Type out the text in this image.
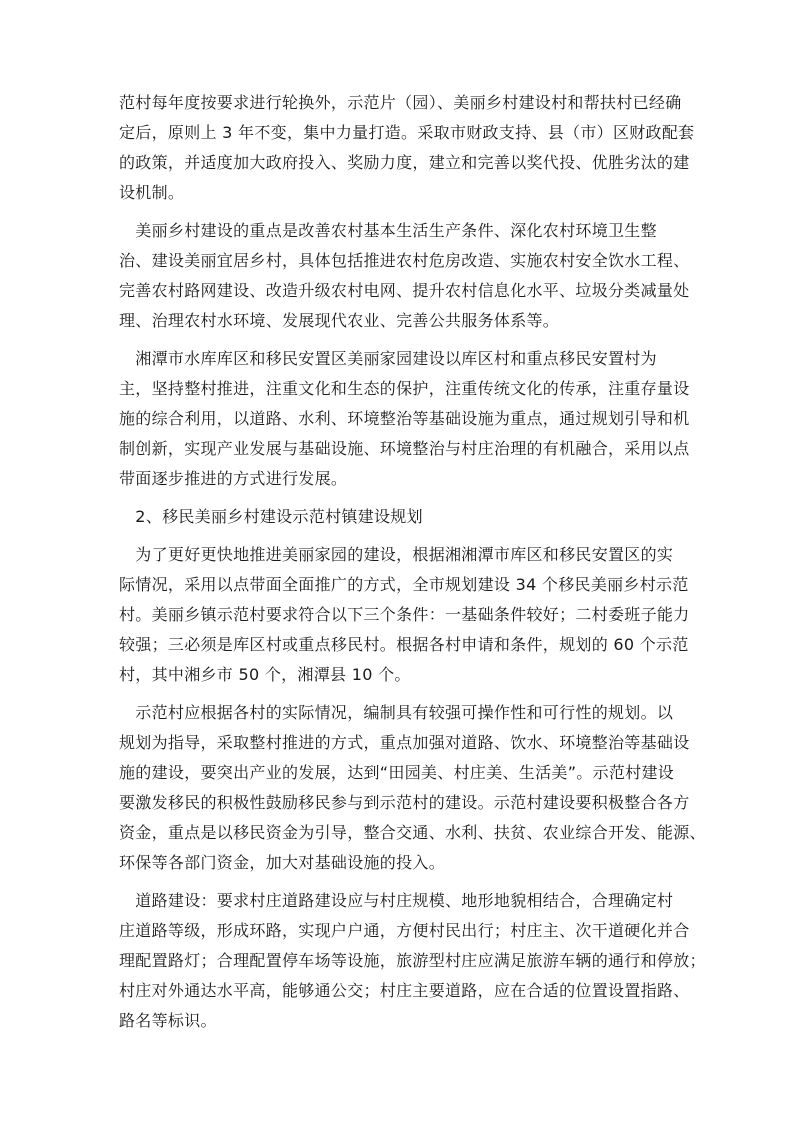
范村每年度按要求进行轮换外，示范片（园）、美丽乡村建设村和帮扶村已经确
定后，原则上 3 年不变，集中力量打造。采取市财政支持、县（市）区财政配套
的政策，并适度加大政府投入、奖励力度，建立和完善以奖代投、优胜劣汰的建
设机制。

　美丽乡村建设的重点是改善农村基本生活生产条件、深化农村环境卫生整
治、建设美丽宜居乡村，具体包括推进农村危房改造、实施农村安全饮水工程、
完善农村路网建设、改造升级农村电网、提升农村信息化水平、垃圾分类减量处
理、治理农村水环境、发展现代农业、完善公共服务体系等。

　湘潭市水库库区和移民安置区美丽家园建设以库区村和重点移民安置村为
主，坚持整村推进，注重文化和生态的保护，注重传统文化的传承，注重存量设
施的综合利用，以道路、水利、环境整治等基础设施为重点，通过规划引导和机
制创新，实现产业发展与基础设施、环境整治与村庄治理的有机融合，采用以点
带面逐步推进的方式进行发展。

　2、移民美丽乡村建设示范村镇建设规划

　为了更好更快地推进美丽家园的建设，根据湘湘潭市库区和移民安置区的实
际情况，采用以点带面全面推广的方式，全市规划建设 34 个移民美丽乡村示范
村。美丽乡镇示范村要求符合以下三个条件：一基础条件较好；二村委班子能力
较强；三必须是库区村或重点移民村。根据各村申请和条件，规划的 60 个示范
村，其中湘乡市 50 个，湘潭县 10 个。

　示范村应根据各村的实际情况，编制具有较强可操作性和可行性的规划。以
规划为指导，采取整村推进的方式，重点加强对道路、饮水、环境整治等基础设
施的建设，要突出产业的发展，达到“田园美、村庄美、生活美”。示范村建设
要激发移民的积极性鼓励移民参与到示范村的建设。示范村建设要积极整合各方
资金，重点是以移民资金为引导，整合交通、水利、扶贫、农业综合开发、能源、
环保等各部门资金，加大对基础设施的投入。

　道路建设：要求村庄道路建设应与村庄规模、地形地貌相结合，合理确定村
庄道路等级，形成环路，实现户户通，方便村民出行；村庄主、次干道硬化并合
理配置路灯；合理配置停车场等设施，旅游型村庄应满足旅游车辆的通行和停放；
村庄对外通达水平高，能够通公交；村庄主要道路，应在合适的位置设置指路、
路名等标识。
